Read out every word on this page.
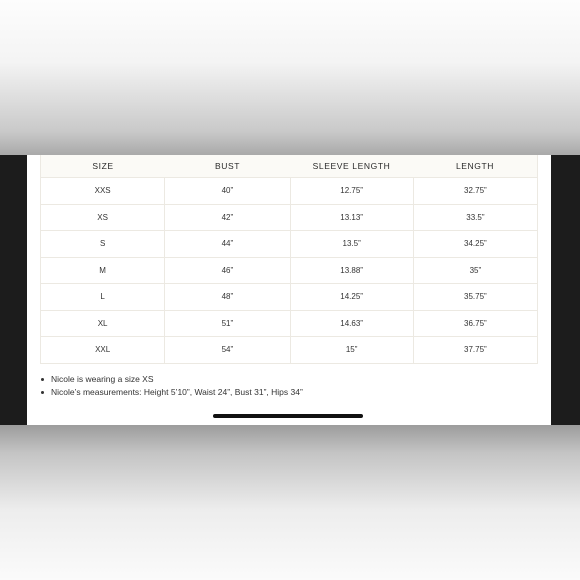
SIZE	BUST	SLEEVE LENGTH	LENGTH
XXS	40”	12.75”	32.75”
XS	42”	13.13”	33.5”
S	44”	13.5”	34.25”
M	46”	13.88”	35”
L	48”	14.25”	35.75”
XL	51”	14.63”	36.75”
XXL	54”	15”	37.75”
Nicole is wearing a size XS
Nicole’s measurements: Height 5’10”, Waist 24”, Bust 31”, Hips 34”
